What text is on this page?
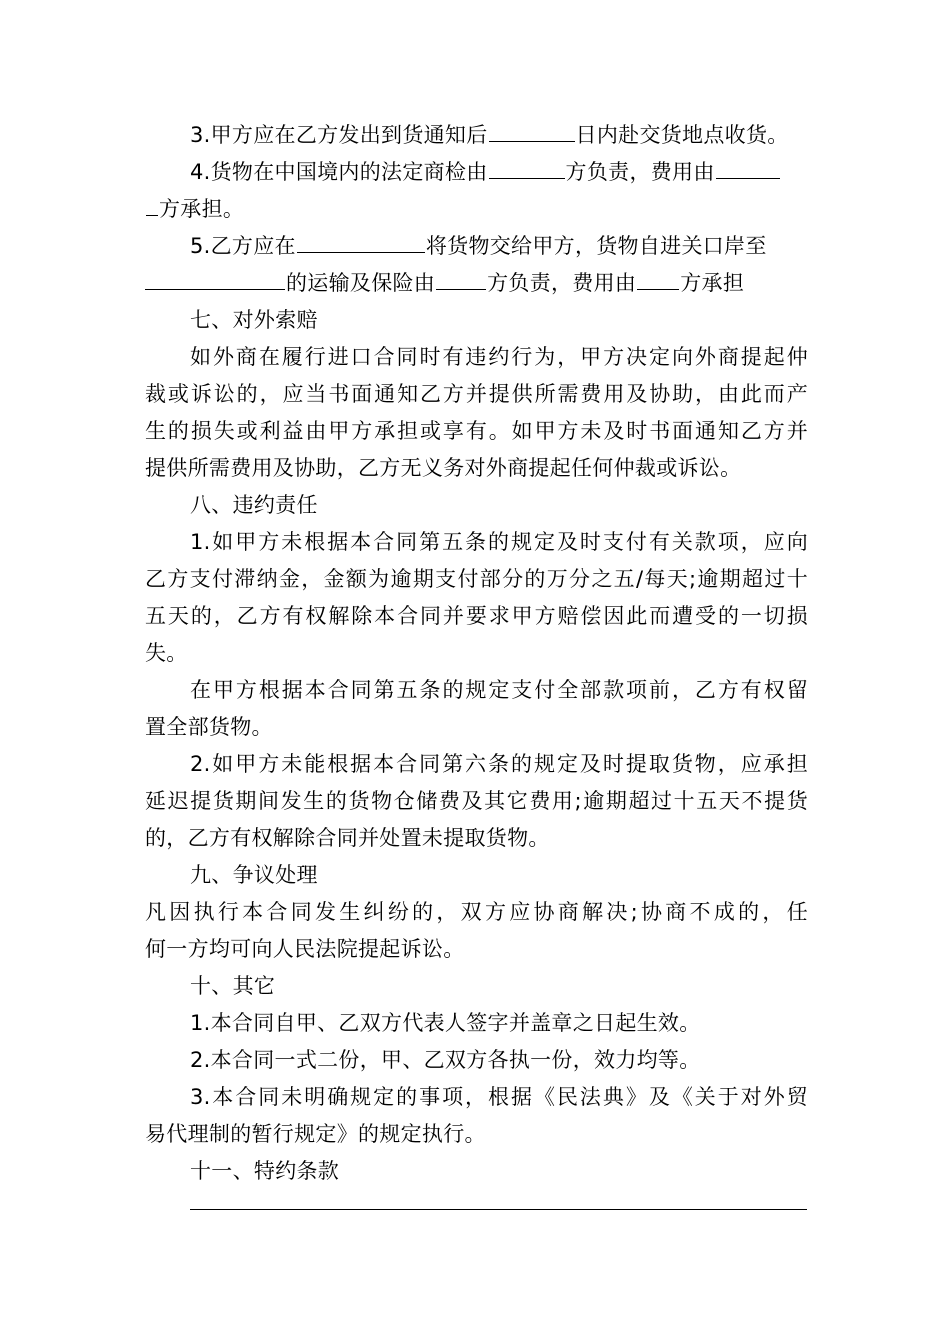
3.甲方应在乙方发出到货通知后	日内赴交货地点收货。
4.货物在中国境内的法定商检由	方负责，费用由
方承担。
5.乙方应在	将货物交给甲方，货物自进关口岸至
的运输及保险由 方负责，费用由 方承担
七、对外索赔
如外商在履行进口合同时有违约行为，甲方决定向外商提起仲
裁或诉讼的，应当书面通知乙方并提供所需费用及协助，由此而产
生的损失或利益由甲方承担或享有。如甲方未及时书面通知乙方并
提供所需费用及协助，乙方无义务对外商提起任何仲裁或诉讼。
八、违约责任
1.如甲方未根据本合同第五条的规定及时支付有关款项，应向
乙方支付滞纳金，金额为逾期支付部分的万分之五/每天;逾期超过十
五天的，乙方有权解除本合同并要求甲方赔偿因此而遭受的一切损
失。
在甲方根据本合同第五条的规定支付全部款项前，乙方有权留
置全部货物。
2.如甲方未能根据本合同第六条的规定及时提取货物，应承担
延迟提货期间发生的货物仓储费及其它费用;逾期超过十五天不提货
的，乙方有权解除合同并处置未提取货物。
九、争议处理
凡因执行本合同发生纠纷的，双方应协商解决;协商不成的，任
何一方均可向人民法院提起诉讼。
十、其它
1.本合同自甲、乙双方代表人签字并盖章之日起生效。
2.本合同一式二份，甲、乙双方各执一份，效力均等。
3.本合同未明确规定的事项，根据《民法典》及《关于对外贸
易代理制的暂行规定》的规定执行。
十一、特约条款
